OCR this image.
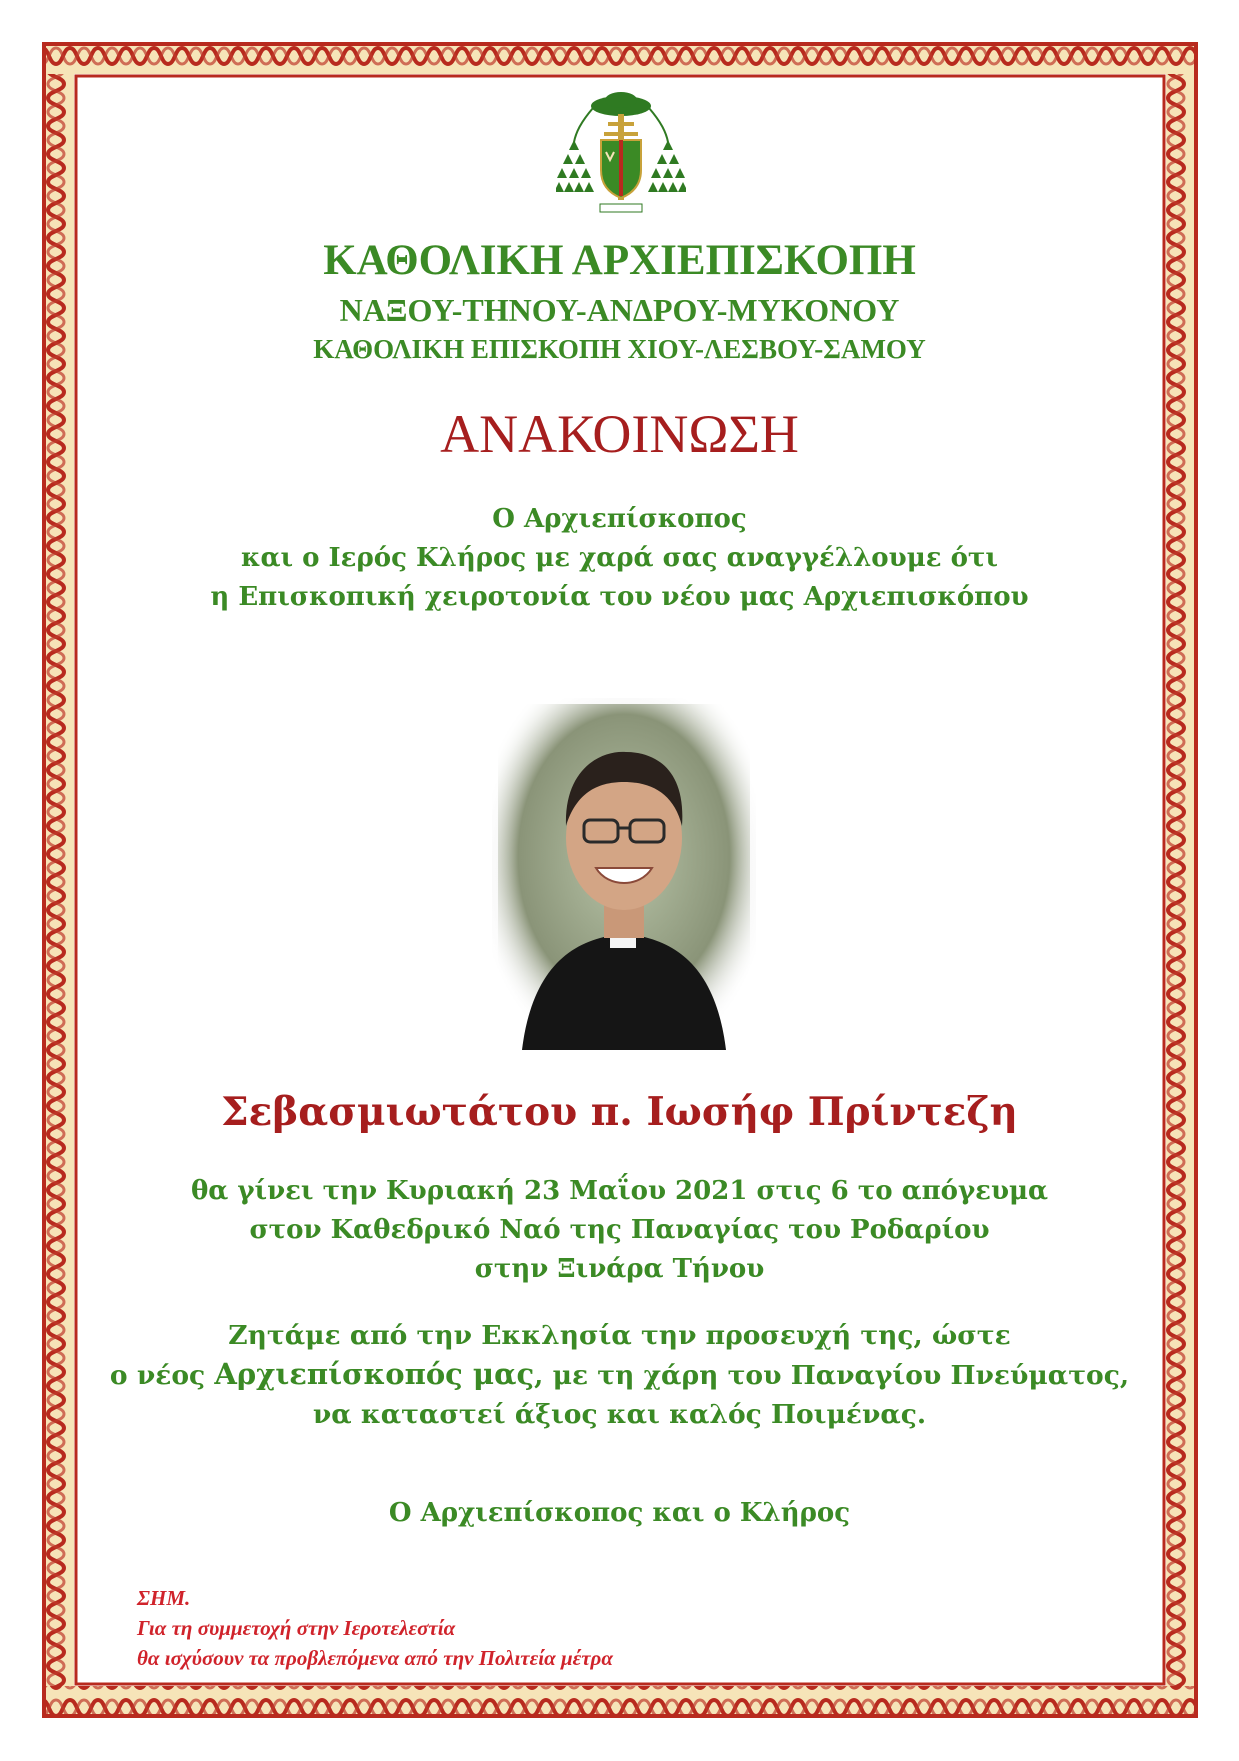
ΚΑΘΟΛΙΚΗ ΑΡΧΙΕΠΙΣΚΟΠΗ
ΝΑΞΟΥ-ΤΗΝΟΥ-ΑΝΔΡΟΥ-ΜΥΚΟΝΟΥ
ΚΑΘΟΛΙΚΗ ΕΠΙΣΚΟΠΗ ΧΙΟΥ-ΛΕΣΒΟΥ-ΣΑΜΟΥ
ΑΝΑΚΟΙΝΩΣΗ
Ο Αρχιεπίσκοπος
και ο Ιερός Κλήρος με χαρά σας αναγγέλλουμε ότι
η Επισκοπική χειροτονία του νέου μας Αρχιεπισκόπου
Σεβασμιωτάτου π. Ιωσήφ Πρίντεζη
θα γίνει την Κυριακή 23 Μαΐου 2021 στις 6 το απόγευμα
στον Καθεδρικό Ναό της Παναγίας του Ροδαρίου
στην Ξινάρα Τήνου
Ζητάμε από την Εκκλησία την προσευχή της, ώστε
ο νέος Αρχιεπίσκοπός μας, με τη χάρη του Παναγίου Πνεύματος,
να καταστεί άξιος και καλός Ποιμένας.
Ο Αρχιεπίσκοπος και ο Κλήρος
ΣΗΜ.
Για τη συμμετοχή στην Ιεροτελεστία
θα ισχύσουν τα προβλεπόμενα από την Πολιτεία μέτρα
